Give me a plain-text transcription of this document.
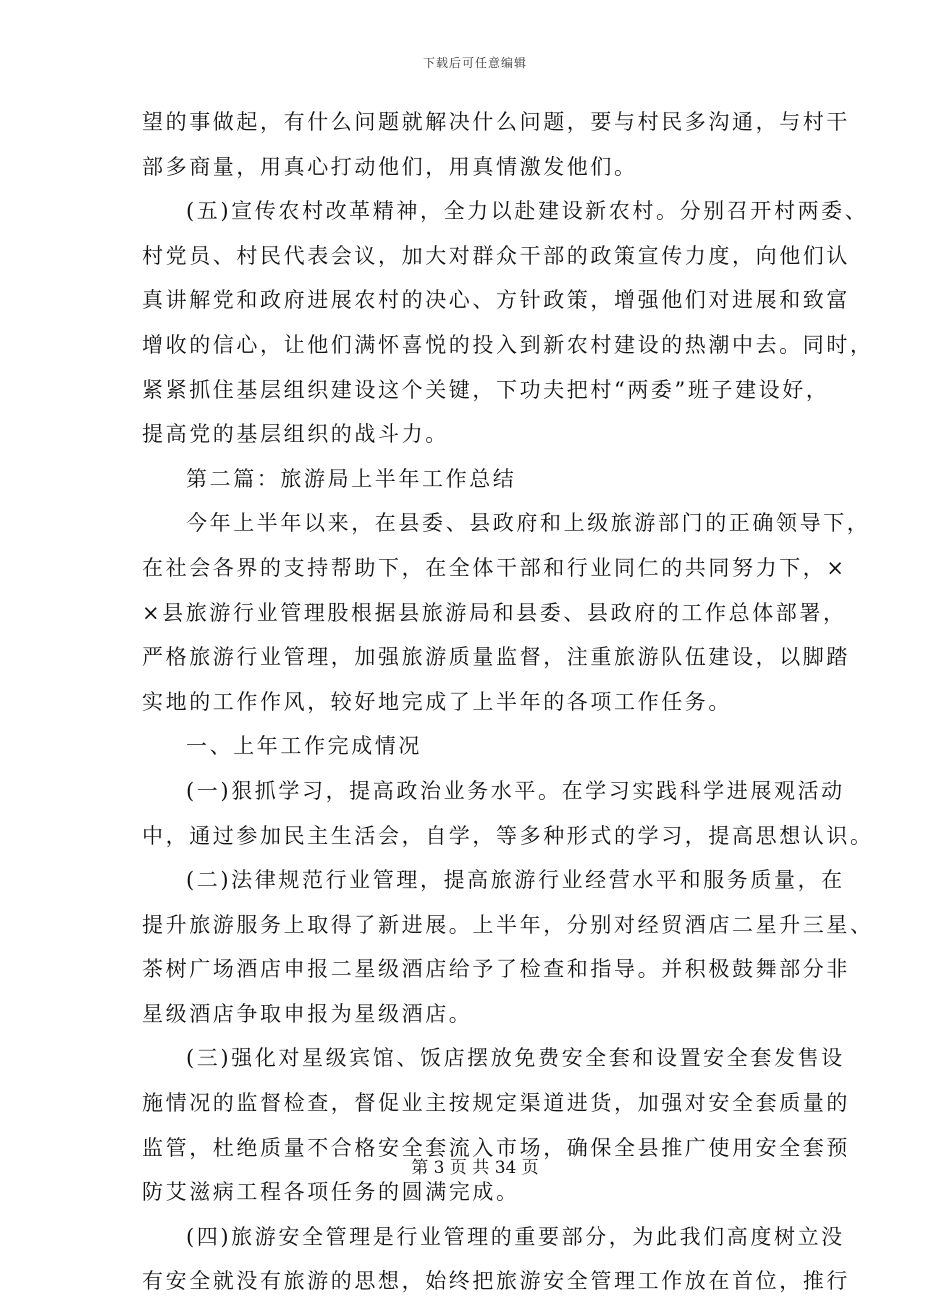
下载后可任意编辑
望的事做起，有什么问题就解决什么问题，要与村民多沟通，与村干
部多商量，用真心打动他们，用真情激发他们。
(五)宣传农村改革精神，全力以赴建设新农村。分别召开村两委、
村党员、村民代表会议，加大对群众干部的政策宣传力度，向他们认
真讲解党和政府进展农村的决心、方针政策，增强他们对进展和致富
增收的信心，让他们满怀喜悦的投入到新农村建设的热潮中去。同时，
紧紧抓住基层组织建设这个关键，下功夫把村“两委”班子建设好，
提高党的基层组织的战斗力。
第二篇：旅游局上半年工作总结
今年上半年以来，在县委、县政府和上级旅游部门的正确领导下，
在社会各界的支持帮助下，在全体干部和行业同仁的共同努力下，×
×县旅游行业管理股根据县旅游局和县委、县政府的工作总体部署，
严格旅游行业管理，加强旅游质量监督，注重旅游队伍建设，以脚踏
实地的工作作风，较好地完成了上半年的各项工作任务。
一、上年工作完成情况
(一)狠抓学习，提高政治业务水平。在学习实践科学进展观活动
中，通过参加民主生活会，自学，等多种形式的学习，提高思想认识。
(二)法律规范行业管理，提高旅游行业经营水平和服务质量，在
提升旅游服务上取得了新进展。上半年，分别对经贸酒店二星升三星、
茶树广场酒店申报二星级酒店给予了检查和指导。并积极鼓舞部分非
星级酒店争取申报为星级酒店。
(三)强化对星级宾馆、饭店摆放免费安全套和设置安全套发售设
施情况的监督检查，督促业主按规定渠道进货，加强对安全套质量的
监管，杜绝质量不合格安全套流入市场，确保全县推广使用安全套预
防艾滋病工程各项任务的圆满完成。
(四)旅游安全管理是行业管理的重要部分，为此我们高度树立没
有安全就没有旅游的思想，始终把旅游安全管理工作放在首位，推行
第 3 页 共 34 页
